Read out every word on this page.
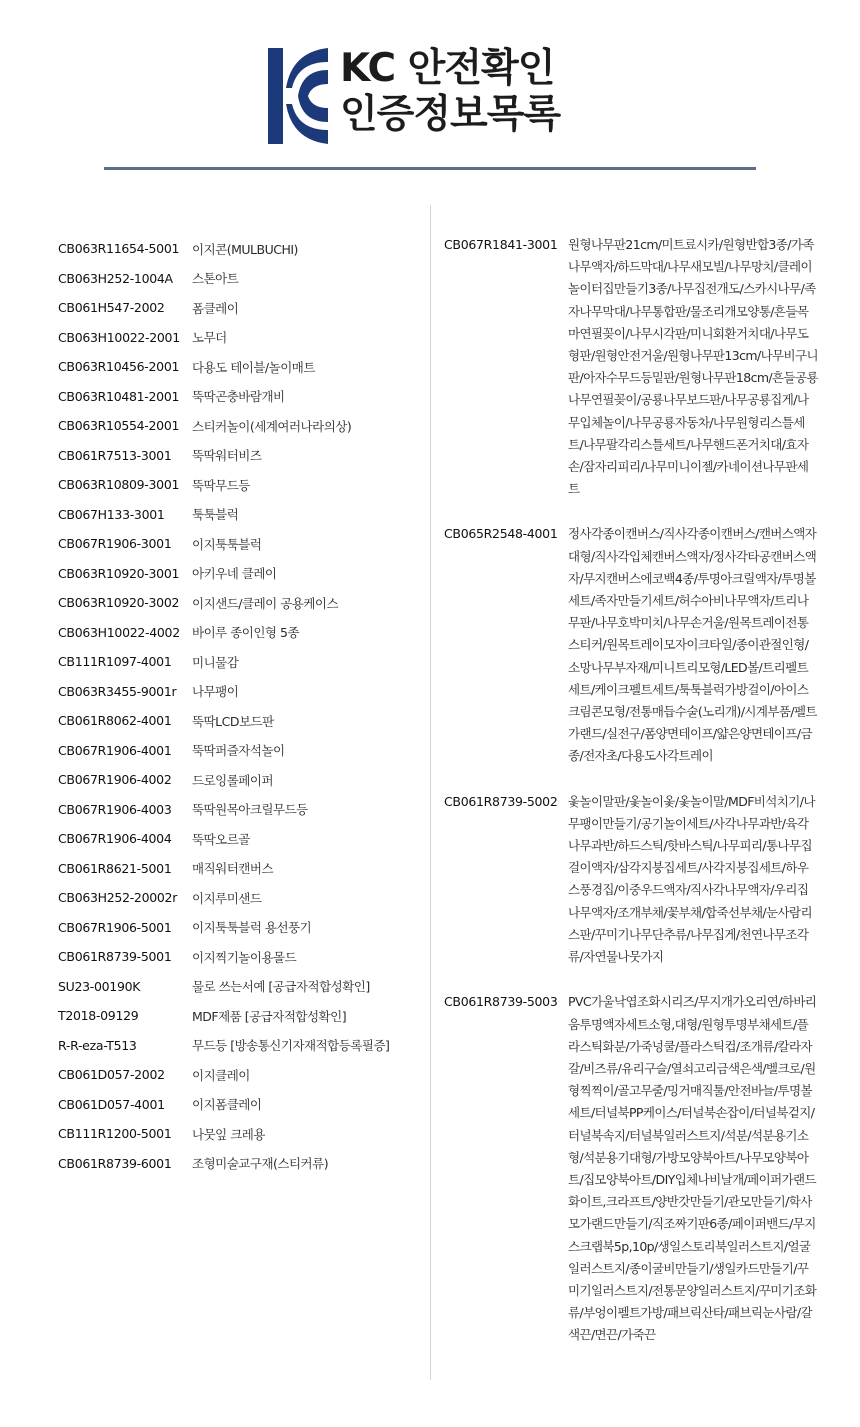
KC 안전확인
인증정보목록
CB063R11654-5001	이지콘(MULBUCHI)
CB063H252-1004A	스톤아트
CB061H547-2002	폼클레이
CB063H10022-2001 노무더
CB063R10456-2001	다용도 테이블/놀이매트
CB063R10481-2001	뚝딱곤충바람개비
CB063R10554-2001	스티커놀이(세계여러나라의상)
CB061R7513-3001	뚝딱워터비즈
CB063R10809-3001	뚝딱무드등
CB067H133-3001	툭툭블럭
CB067R1906-3001	이지툭툭블럭
CB063R10920-3001	아키우네 클레이
CB063R10920-3002	이지샌드/클레이 공용케이스
CB063H10022-4002 바이루 종이인형 5종
CB111R1097-4001	미니물감
CB063R3455-9001r	나무팽이
CB061R8062-4001	뚝딱LCD보드판
CB067R1906-4001	뚝딱퍼즐자석놀이
CB067R1906-4002	드로잉롤페이퍼
CB067R1906-4003	뚝딱원목아크릴무드등
CB067R1906-4004	뚝딱오르골
CB061R8621-5001	매직워터캔버스
CB063H252-20002r	이지루미샌드
CB067R1906-5001	이지툭툭블럭 용선풍기
CB061R8739-5001	이지찍기놀이용몰드
SU23-00190K	물로 쓰는서예 [공급자적합성확인]
T2018-09129	MDF제품 [공급자적합성확인]
R-R-eza-T513	무드등 [방송통신기자재적합등록필증]
CB061D057-2002	이지클레이
CB061D057-4001	이지폼클레이
CB111R1200-5001	나뭇잎 크레용
CB061R8739-6001	조형미술교구재(스티커류)
CB067R1841-3001 원형나무판21cm/미트료시카/원형반합3종/가족나무액자/하드막대/나무새모빌/나무망치/클레이놀이터집만들기3종/나무집전개도/스카시나무/족자나무막대/나무통합판/물조리개모양통/흔들목마연필꽂이/나무시각판/미니회환거치대/나무도형판/원형안전거울/원형나무판13cm/나무비구니판/아자수무드등밑판/원형나무판18cm/흔들공룡나무연필꽂이/공룡나무보드판/나무공룡집게/나무입체놀이/나무공룡자동차/나무원형리스틀세트/나무팔각리스틀세트/나무핸드폰거치대/효자손/잠자리피리/나무미니이젤/카네이션나무판세트
CB065R2548-4001 정사각종이캔버스/직사각종이캔버스/캔버스액자대형/직사각입체캔버스액자/정사각타공캔버스액자/무지캔버스에코백4종/투명아크릴액자/투명볼세트/족자만들기세트/허수아비나무액자/트리나무판/나무호박미치/나무손거울/원목트레이전통스티커/원목트레이모자이크타일/종이관절인형/소망나무부자재/미니트리모형/LED볼/트리펠트세트/케이크펠트세트/툭툭블럭가방걸이/아이스크림콘모형/전통매듭수술(노리개)/시계부품/펠트가랜드/실전구/폼양면테이프/얇은양면테이프/금종/전자초/다용도사각트레이
CB061R8739-5002 옻놀이말판/옻놀이옻/옻놀이말/MDF비석치기/나무팽이만들기/공기놀이세트/사각나무과반/육각나무과반/하드스틱/핫바스틱/나무피리/통나무집걸이액자/삼각지붕집세트/사각지붕집세트/하우스풍경집/이중우드액자/직사각나무액자/우리집나무액자/조개부채/꽃부채/합죽선부채/눈사람리스판/꾸미기나무단추류/나무집게/천연나무조각류/자연물나뭇가지
CB061R8739-5003 PVC가울낙엽조화시리즈/무지개가오리연/하바리움투명액자세트소형,대형/원형투명부채세트/플라스틱화분/가죽넝쿨/플라스틱컵/조개류/칼라자갈/비즈류/유리구슬/열쇠고리금색은색/벨크로/원형찍찍이/골고무줄/밍거매직툴/안전바늘/투명볼세트/터널북PP케이스/터널북손잡이/터널북겉지/터널북속지/터널북일러스트지/석분/석분용기소형/석분용기대형/가방모양북아트/나무모양북아트/집모양북아트/DIY입체나비날개/페이퍼가랜드화이트,크라프트/양반갓만들기/관모만들기/학사모가랜드만들기/직조짜기판6종/페이퍼밴드/무지스크랩북5p,10p/생일스토리북일러스트지/얼굴일러스트지/종이굴비만들기/생일카드만들기/꾸미기일러스트지/전통문양일러스트지/꾸미기조화류/부엉이펠트가방/패브릭산타/패브릭눈사람/갈색끈/면끈/가죽끈
